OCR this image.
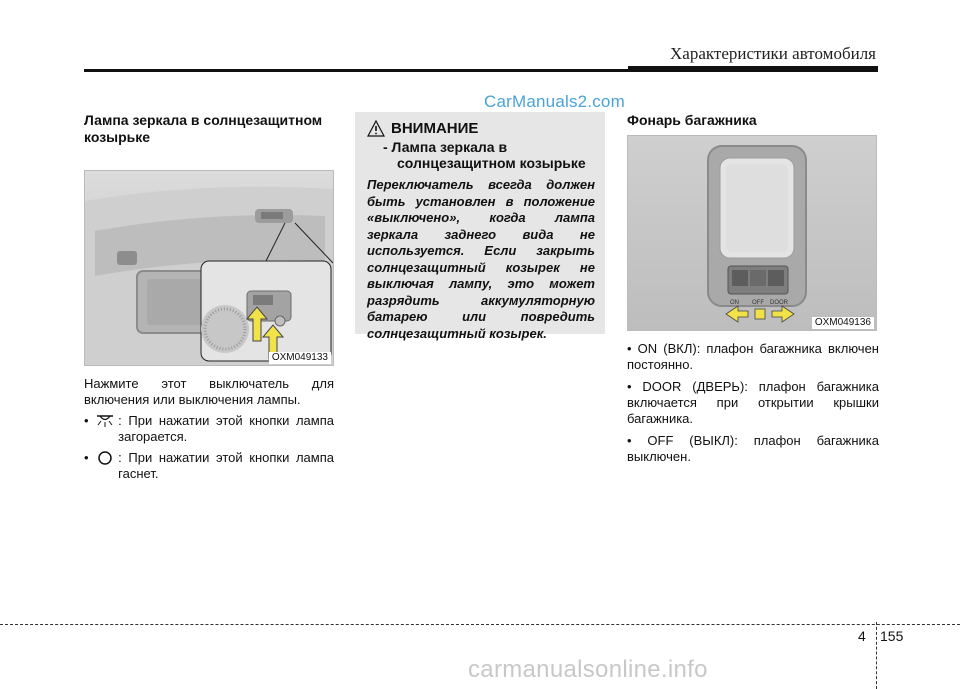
Характеристики автомобиля
CarManuals2.com
Лампа зеркала в солнцезащитном козырьке
OXM049133
Нажмите этот выключатель для включения или выключения лампы.
• : При нажатии этой кнопки лампа загорается.
• : При нажатии этой кнопки лампа гаснет.
ВНИМАНИЕ
- Лампа зеркала в
солнцезащитном козырьке
Переключатель всегда должен быть установлен в положение «выключено», когда лампа зеркала заднего вида не используется. Если закрыть солнцезащитный козырек не выключая лампу, это может разрядить аккумуляторную батарею или повредить солнцезащитный козырек.
Фонарь багажника
ON OFF DOOR
OXM049136
• ON (ВКЛ): плафон багажника включен постоянно.
• DOOR (ДВЕРЬ): плафон багажника включается при открытии крышки багажника.
• OFF (ВЫКЛ): плафон багажника выключен.
4 155
carmanualsonline.info
